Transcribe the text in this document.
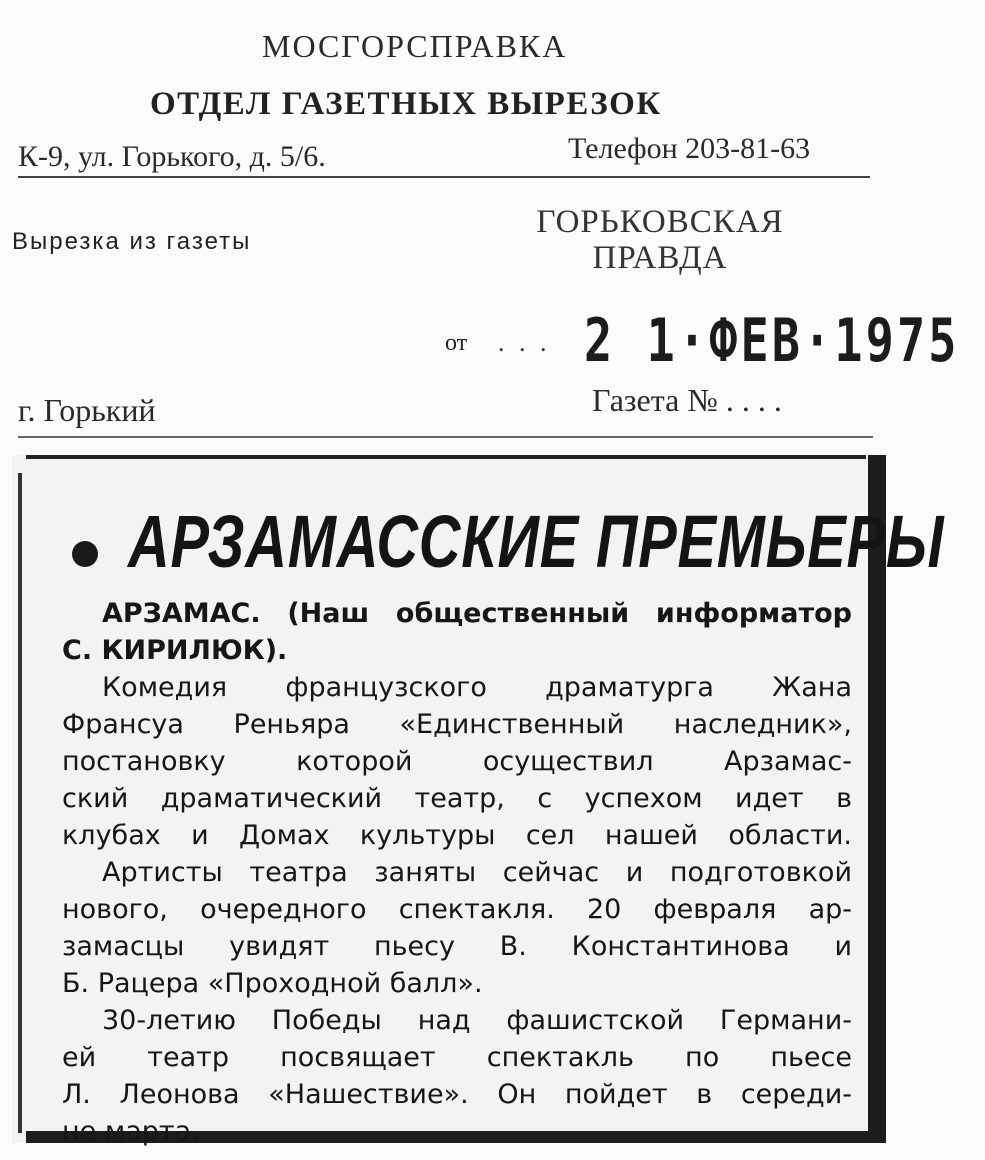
МОСГОРСПРАВКА
ОТДЕЛ ГАЗЕТНЫХ ВЫРЕЗОК
К-9, ул. Горького, д. 5/6.	Телефон 203-81-63
Вырезка из газеты
ГОРЬКОВСКАЯ ПРАВДА
от . . . 2 1·ФЕВ·1975
г. Горький	Газета № . . . .
АРЗАМАССКИЕ ПРЕМЬЕРЫ
АРЗАМАС. (Наш общественный информатор
С. КИРИЛЮК).
Комедия французского драматурга Жана
Франсуа Реньяра «Единственный наследник»,
постановку которой осуществил Арзамас-
ский драматический театр, с успехом идет в
клубах и Домах культуры сел нашей области.
Артисты театра заняты сейчас и подготовкой
нового, очередного спектакля. 20 февраля ар-
замасцы увидят пьесу В. Константинова и
Б. Рацера «Проходной балл».
30-летию Победы над фашистской Германи-
ей театр посвящает спектакль по пьесе
Л. Леонова «Нашествие». Он пойдет в середи-
не марта.
